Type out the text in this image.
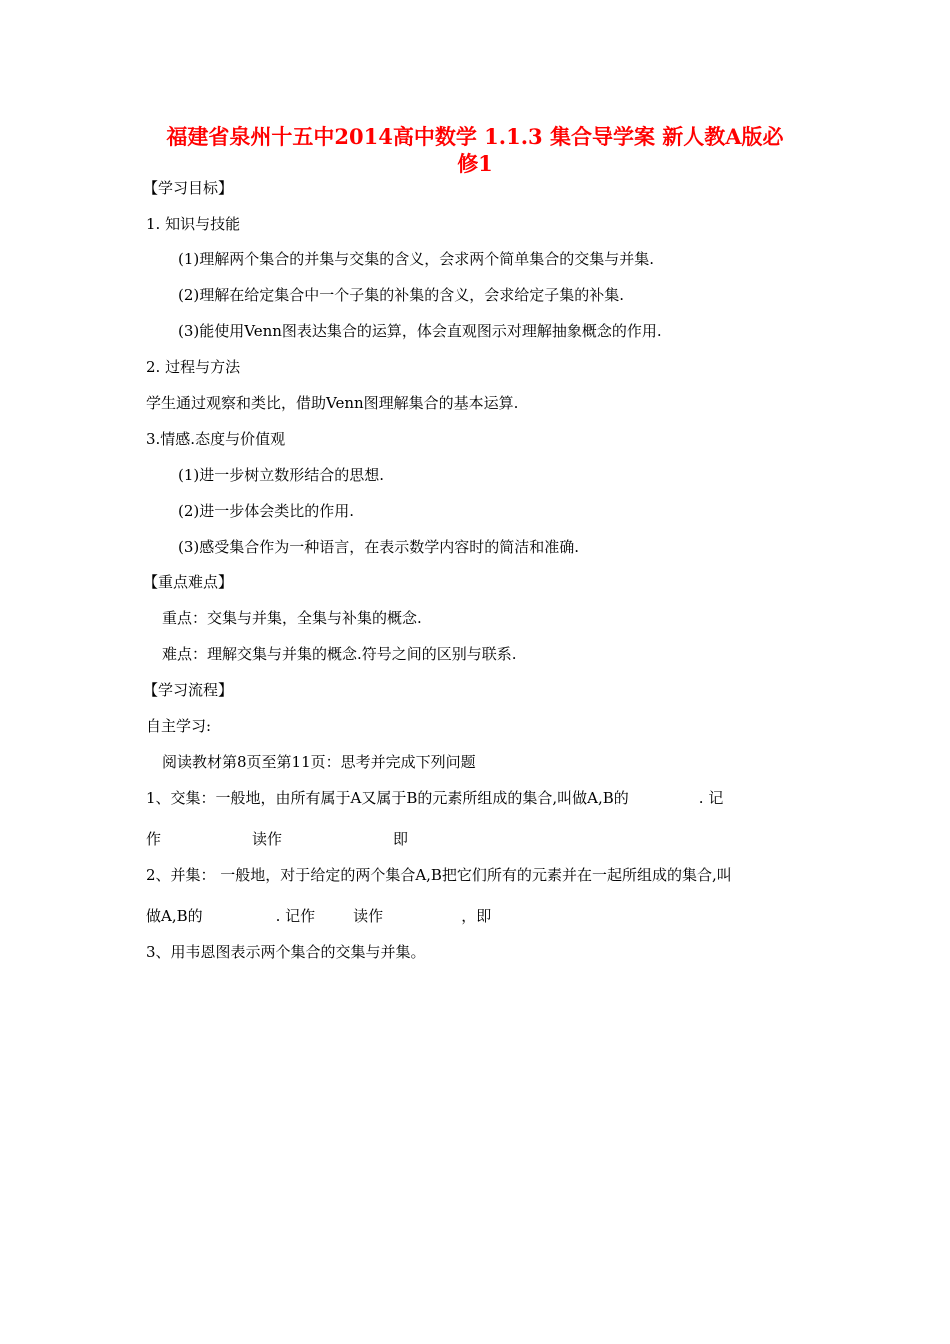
福建省泉州十五中2014高中数学 1.1.3 集合导学案 新人教A版必
修1
【学习目标】
1. 知识与技能
(1)理解两个集合的并集与交集的含义，会求两个简单集合的交集与并集.
(2)理解在给定集合中一个子集的补集的含义，会求给定子集的补集.
(3)能使用Venn图表达集合的运算，体会直观图示对理解抽象概念的作用.
2. 过程与方法
学生通过观察和类比，借助Venn图理解集合的基本运算.
3.情感.态度与价值观
(1)进一步树立数形结合的思想.
(2)进一步体会类比的作用.
(3)感受集合作为一种语言，在表示数学内容时的简洁和准确.
【重点难点】
重点：交集与并集，全集与补集的概念.
难点：理解交集与并集的概念.符号之间的区别与联系.
【学习流程】
自主学习:
阅读教材第8页至第11页：思考并完成下列问题
1、交集：一般地，由所有属于A又属于B的元素所组成的集合,叫做A,B的	. 记
作	读作	即
2、并集： 一般地，对于给定的两个集合A,B把它们所有的元素并在一起所组成的集合,叫
做A,B的	. 记作	读作	，即
3、用韦恩图表示两个集合的交集与并集。
